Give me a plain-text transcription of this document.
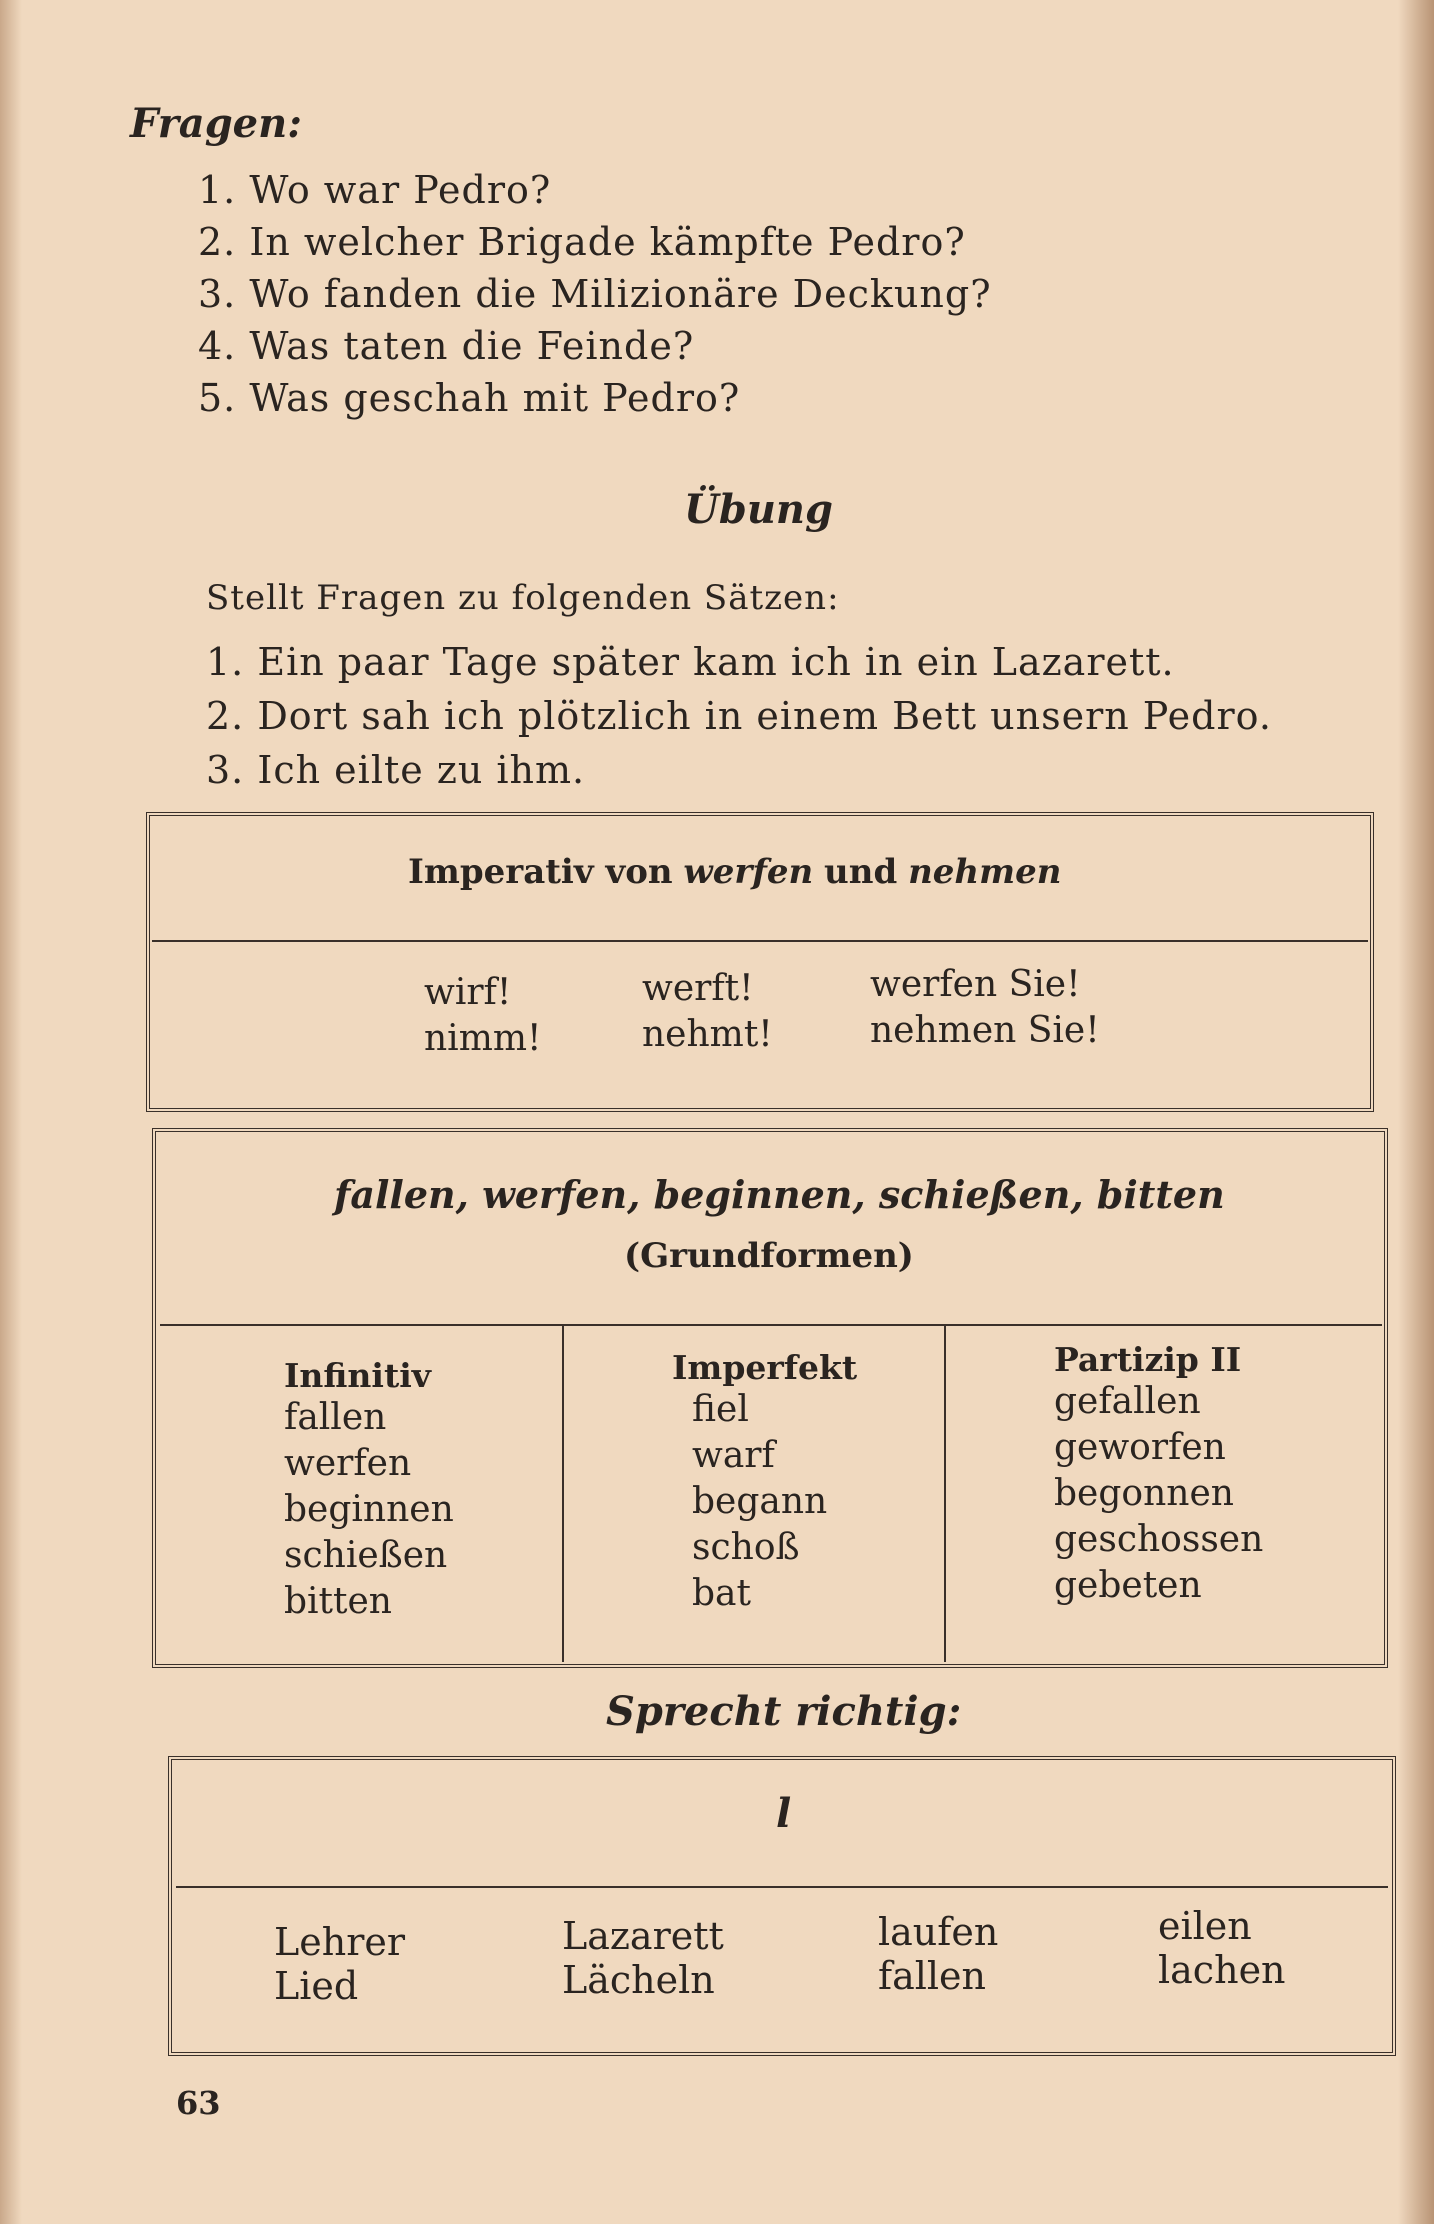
Fragen:
1. Wo war Pedro?
2. In welcher Brigade kämpfte Pedro?
3. Wo fanden die Milizionäre Deckung?
4. Was taten die Feinde?
5. Was geschah mit Pedro?
Übung
Stellt Fragen zu folgenden Sätzen:
1. Ein paar Tage später kam ich in ein Lazarett.
2. Dort sah ich plötzlich in einem Bett unsern Pedro.
3. Ich eilte zu ihm.
Imperativ von werfen und nehmen
wirf!
nimm!
werft!
nehmt!
werfen Sie!
nehmen Sie!
fallen, werfen, beginnen, schießen, bitten
(Grundformen)
Infinitiv
fallen
werfen
beginnen
schießen
bitten
Imperfekt
fiel
warf
begann
schoß
bat
Partizip II
gefallen
geworfen
begonnen
geschossen
gebeten
Sprecht richtig:
l
Lehrer
Lied
Lazarett
Lächeln
laufen
fallen
eilen
lachen
63
